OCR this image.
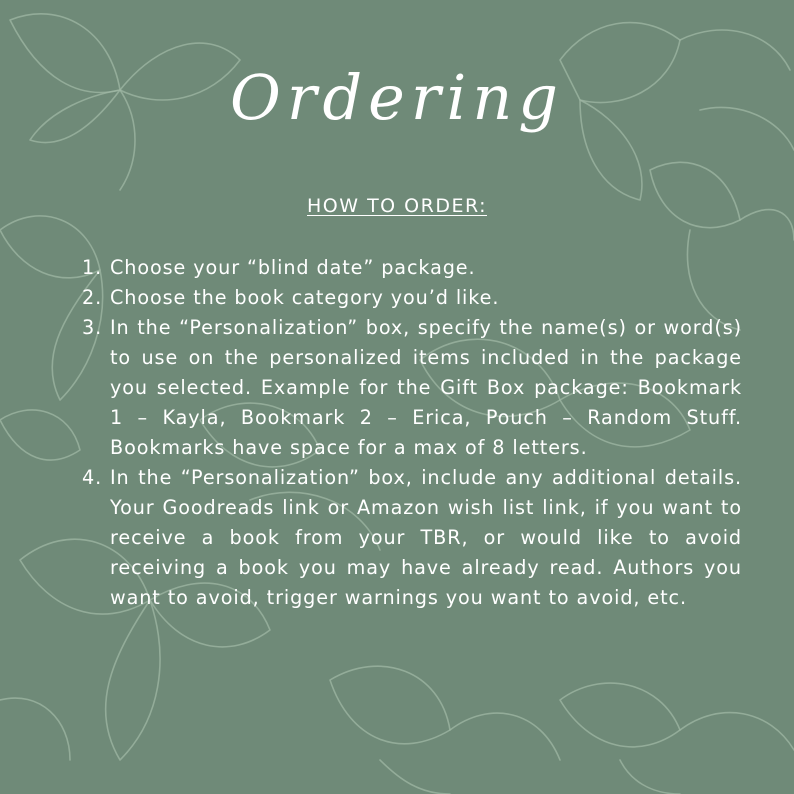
Ordering
HOW TO ORDER:
1. Choose your “blind date” package.
2. Choose the book category you’d like.
3. In the “Personalization” box, specify the name(s) or word(s) to use on the personalized items included in the package you selected. Example for the Gift Box package: Bookmark 1 – Kayla, Bookmark 2 – Erica, Pouch – Random Stuff. Bookmarks have space for a max of 8 letters.
4. In the “Personalization” box, include any additional details. Your Goodreads link or Amazon wish list link, if you want to receive a book from your TBR, or would like to avoid receiving a book you may have already read. Authors you want to avoid, trigger warnings you want to avoid, etc.
